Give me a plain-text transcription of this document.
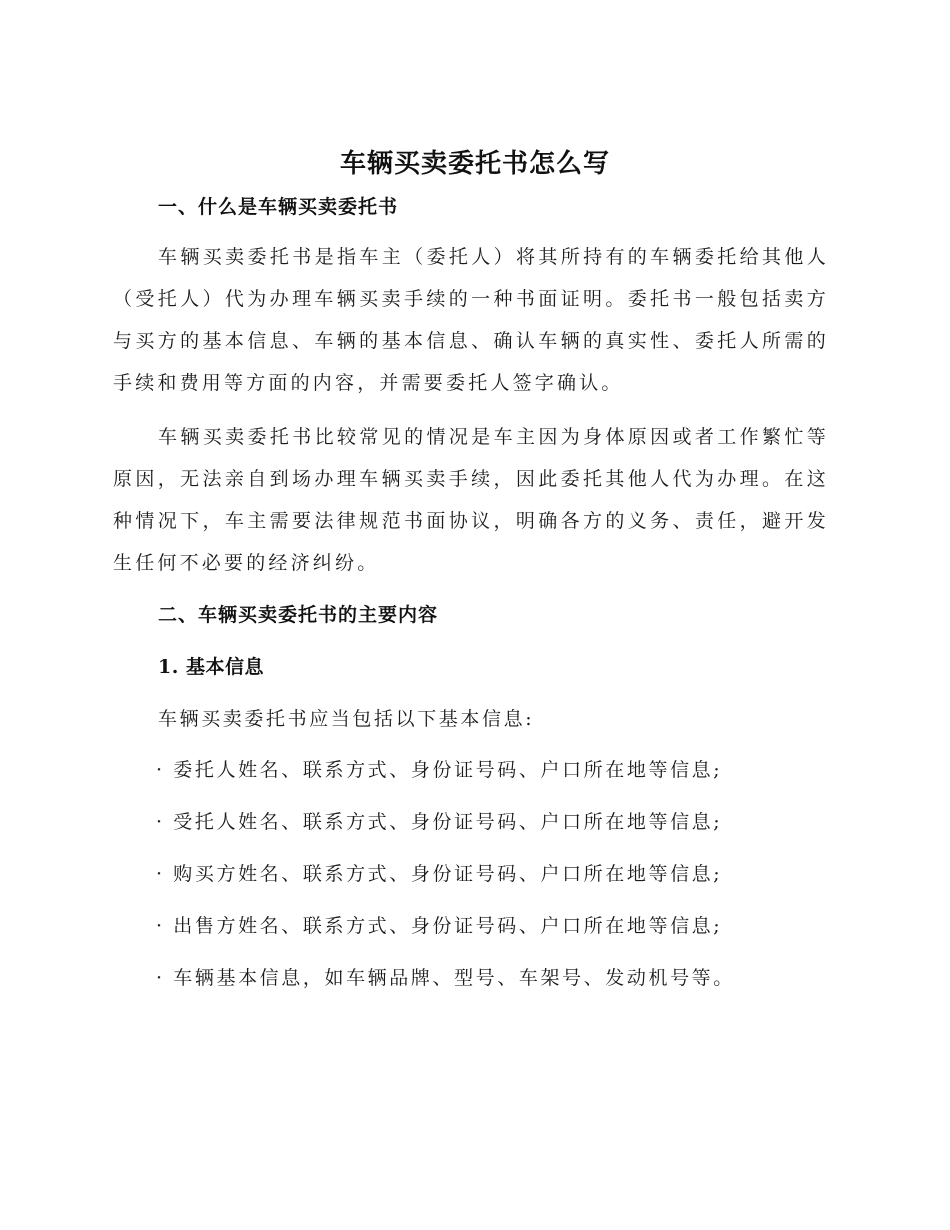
车辆买卖委托书怎么写
一、什么是车辆买卖委托书

车辆买卖委托书是指车主（委托人）将其所持有的车辆委托给其他人（受托人）代为办理车辆买卖手续的一种书面证明。委托书一般包括卖方与买方的基本信息、车辆的基本信息、确认车辆的真实性、委托人所需的手续和费用等方面的内容，并需要委托人签字确认。

车辆买卖委托书比较常见的情况是车主因为身体原因或者工作繁忙等原因，无法亲自到场办理车辆买卖手续，因此委托其他人代为办理。在这种情况下，车主需要法律规范书面协议，明确各方的义务、责任，避开发生任何不必要的经济纠纷。

二、车辆买卖委托书的主要内容
1. 基本信息
车辆买卖委托书应当包括以下基本信息:
· 委托人姓名、联系方式、身份证号码、户口所在地等信息;
· 受托人姓名、联系方式、身份证号码、户口所在地等信息;
· 购买方姓名、联系方式、身份证号码、户口所在地等信息;
· 出售方姓名、联系方式、身份证号码、户口所在地等信息;
· 车辆基本信息，如车辆品牌、型号、车架号、发动机号等。
